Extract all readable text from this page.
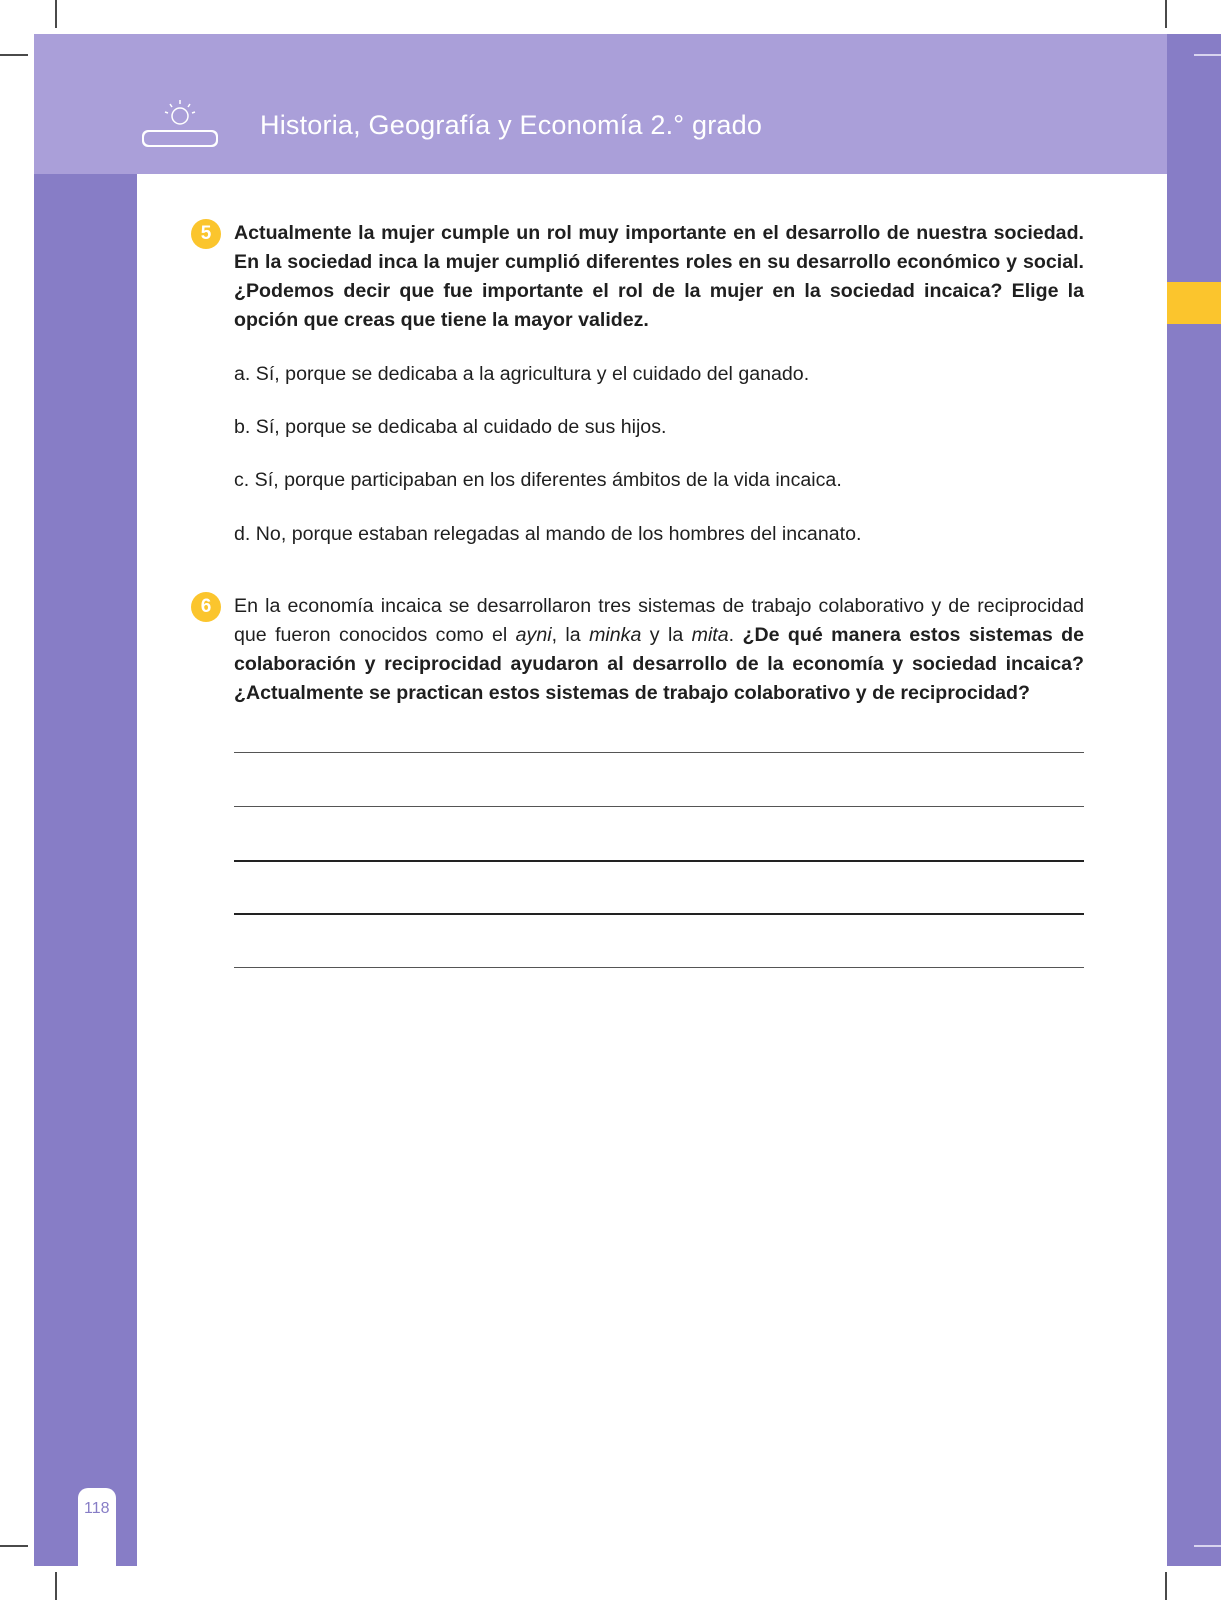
118
Historia, Geografía y Economía 2.° grado
5	Actualmente la mujer cumple un rol muy importante en el desarrollo de nuestra sociedad. En la sociedad inca la mujer cumplió diferentes roles en su desarrollo económico y social. ¿Podemos decir que fue importante el rol de la mujer en la sociedad incaica? Elige la opción que creas que tiene la mayor validez.
a. Sí, porque se dedicaba a la agricultura y el cuidado del ganado.
b. Sí, porque se dedicaba al cuidado de sus hijos.
c. Sí, porque participaban en los diferentes ámbitos de la vida incaica.
d. No, porque estaban relegadas al mando de los hombres del incanato.
6	En la economía incaica se desarrollaron tres sistemas de trabajo colaborativo y de reciprocidad que fueron conocidos como el ayni, la minka y la mita. ¿De qué manera estos sistemas de colaboración y reciprocidad ayudaron al desarrollo de la economía y sociedad incaica? ¿Actualmente se practican estos sistemas de trabajo colaborativo y de reciprocidad?
